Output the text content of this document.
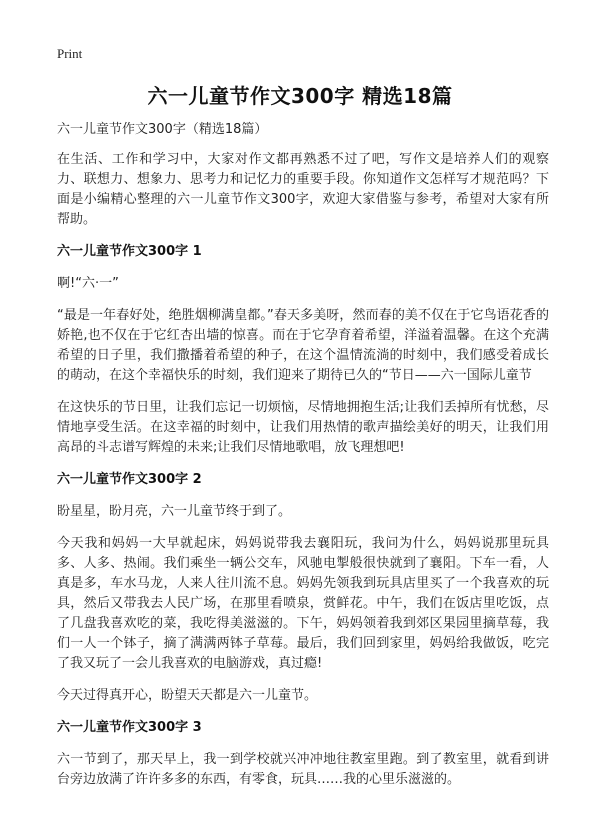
Print
六一儿童节作文300字 精选18篇

六一儿童节作文300字（精选18篇）

在生活、工作和学习中，大家对作文都再熟悉不过了吧，写作文是培养人们的观察力、联想力、想象力、思考力和记忆力的重要手段。你知道作文怎样写才规范吗？下面是小编精心整理的六一儿童节作文300字，欢迎大家借鉴与参考，希望对大家有所帮助。

六一儿童节作文300字 1

啊!“六·一”

“最是一年春好处，绝胜烟柳满皇都。”春天多美呀，然而春的美不仅在于它鸟语花香的娇艳,也不仅在于它红杏出墙的惊喜。而在于它孕育着希望，洋溢着温馨。在这个充满希望的日子里，我们撒播着希望的种子，在这个温情流淌的时刻中，我们感受着成长的萌动，在这个幸福快乐的时刻，我们迎来了期待已久的“节日——六一国际儿童节

在这快乐的节日里，让我们忘记一切烦恼，尽情地拥抱生活;让我们丢掉所有忧愁，尽情地享受生活。在这幸福的时刻中，让我们用热情的歌声描绘美好的明天，让我们用高昂的斗志谱写辉煌的未来;让我们尽情地歌唱，放飞理想吧!

六一儿童节作文300字 2

盼星星，盼月亮，六一儿童节终于到了。

今天我和妈妈一大早就起床，妈妈说带我去襄阳玩，我问为什么，妈妈说那里玩具多、人多、热闹。我们乘坐一辆公交车，风驰电掣般很快就到了襄阳。下车一看，人真是多，车水马龙，人来人往川流不息。妈妈先领我到玩具店里买了一个我喜欢的玩具，然后又带我去人民广场，在那里看喷泉，赏鲜花。中午，我们在饭店里吃饭，点了几盘我喜欢吃的菜，我吃得美滋滋的。下午，妈妈领着我到郊区果园里摘草莓，我们一人一个钵子，摘了满满两钵子草莓。最后，我们回到家里，妈妈给我做饭，吃完了我又玩了一会儿我喜欢的电脑游戏，真过瘾!

今天过得真开心，盼望天天都是六一儿童节。

六一儿童节作文300字 3

六一节到了，那天早上，我一到学校就兴冲冲地往教室里跑。到了教室里，就看到讲台旁边放满了许许多多的东西，有零食，玩具……我的心里乐滋滋的。
